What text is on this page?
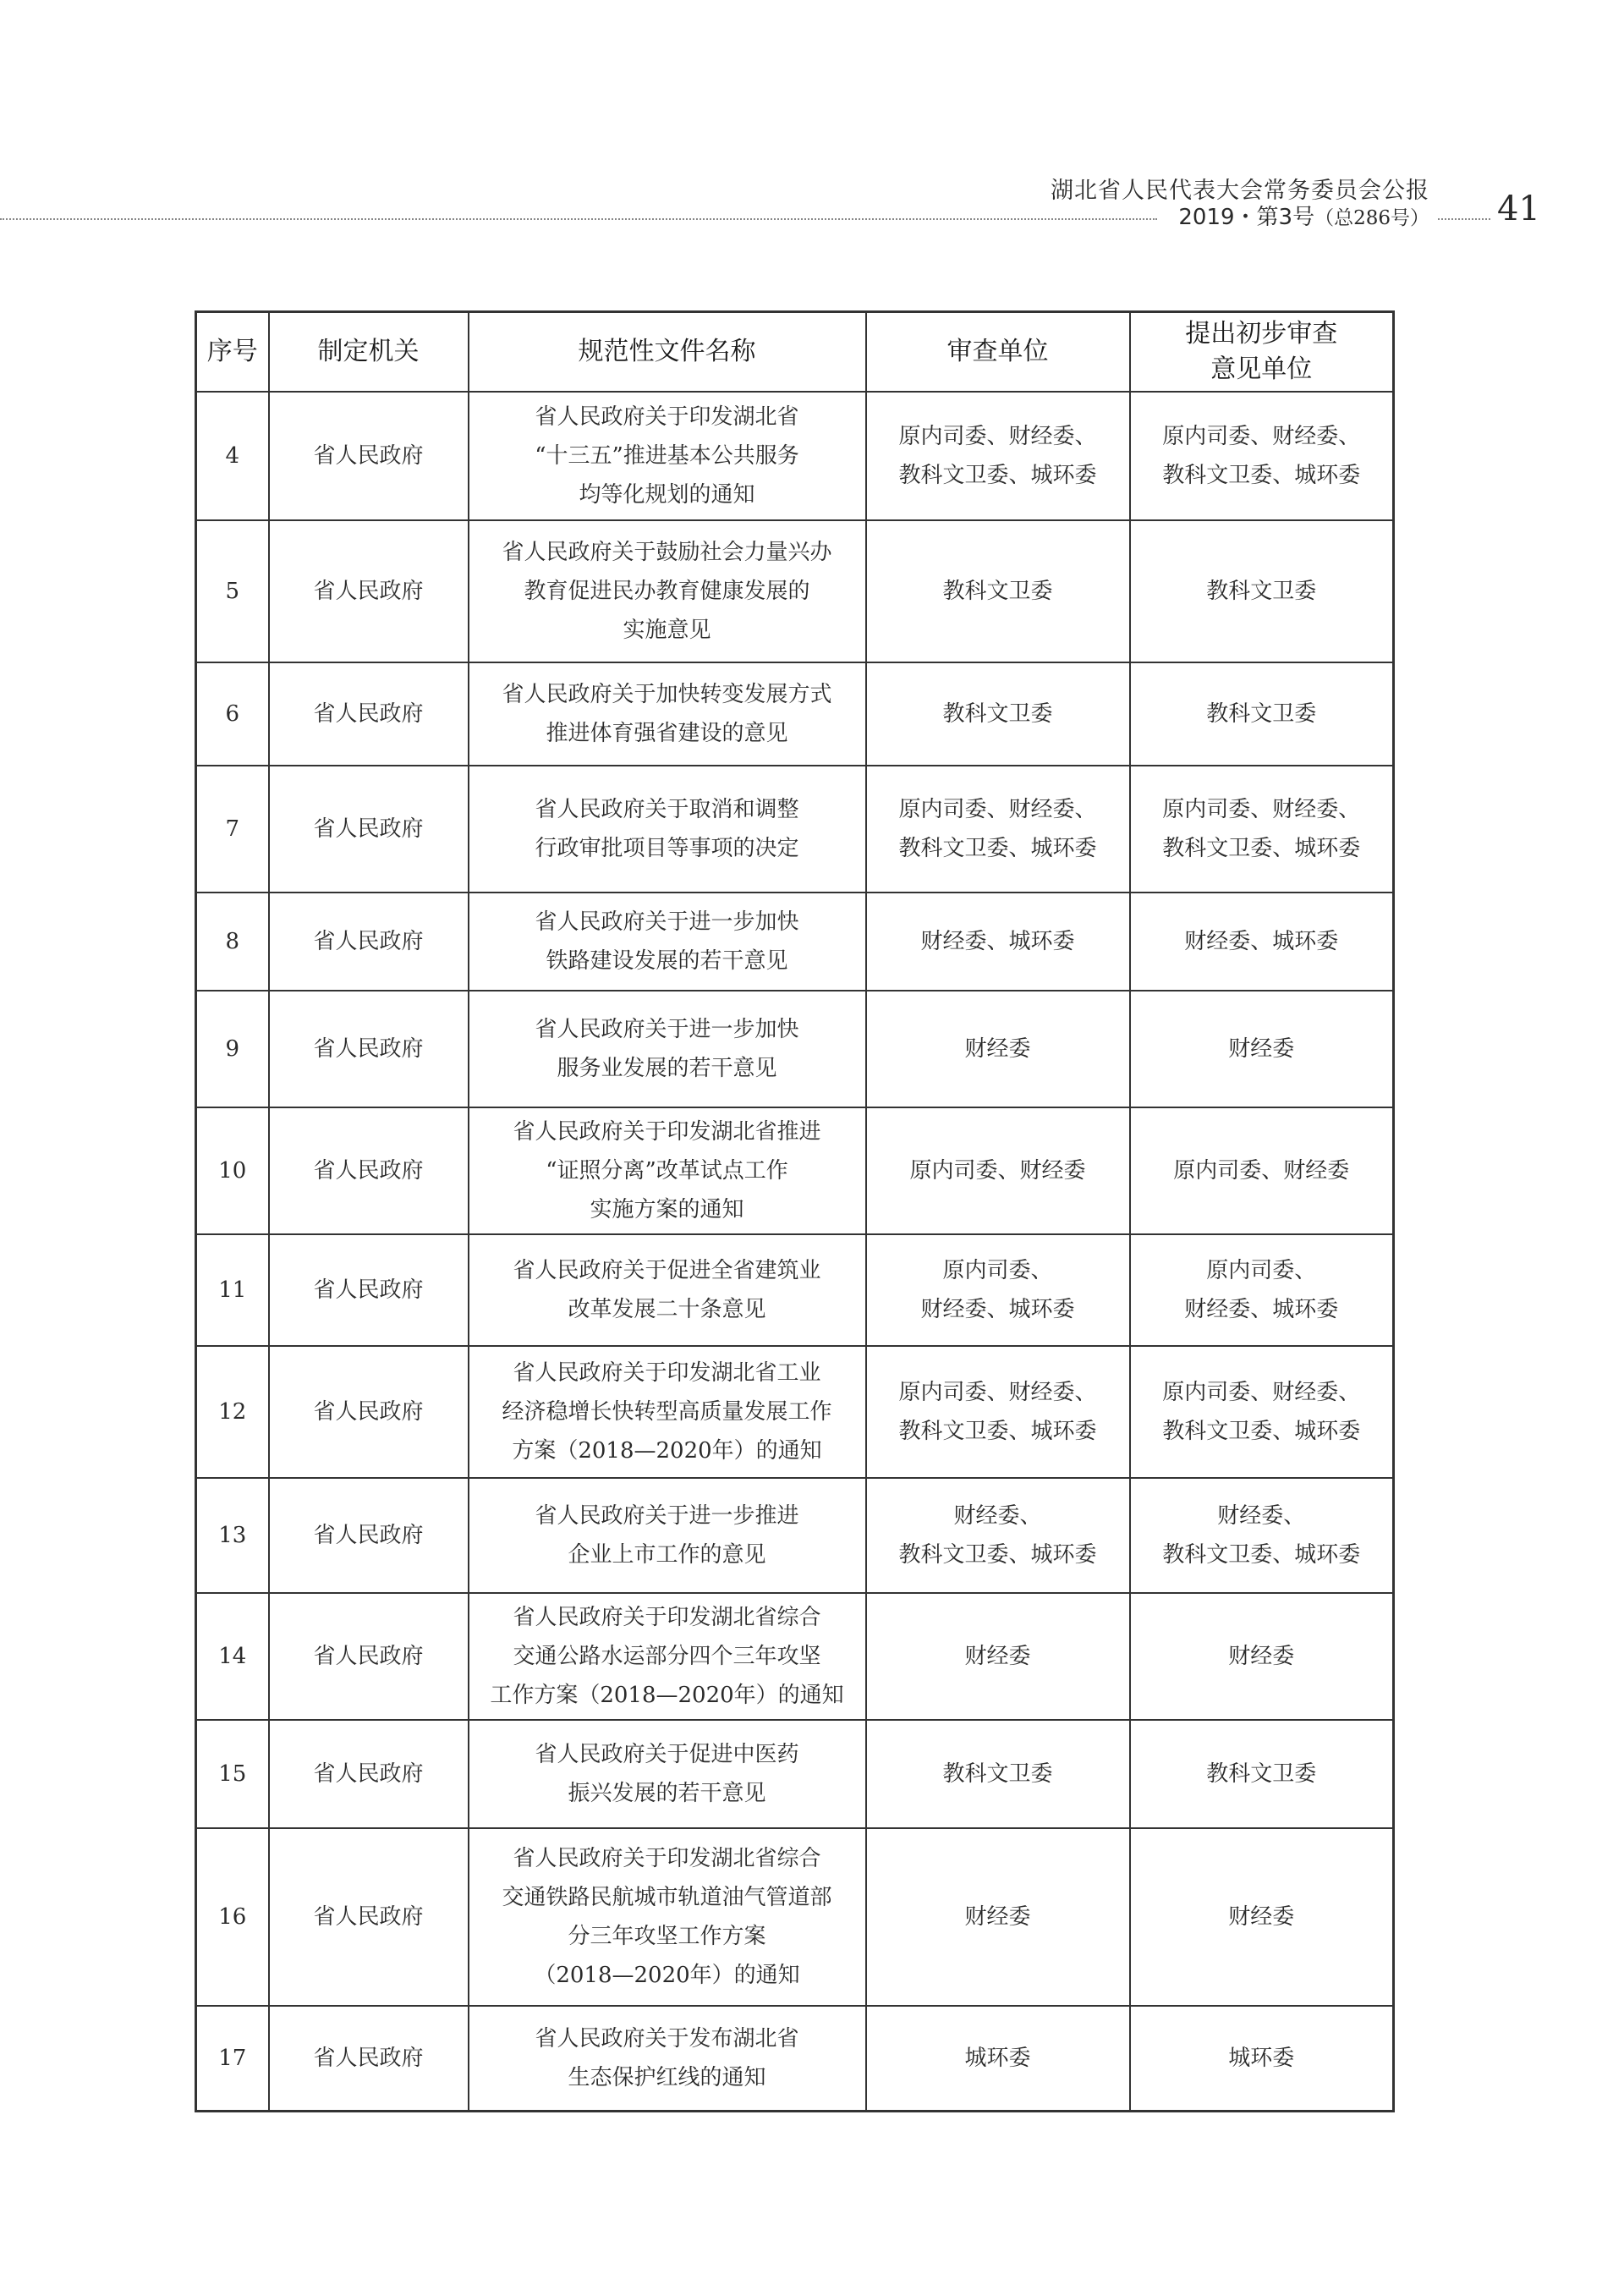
湖北省人民代表大会常务委员会公报
2019・第3号（总286号） 41
序号	制定机关	规范性文件名称	审查单位	提出初步审查
意见单位

4	省人民政府	省人民政府关于印发湖北省
“十三五”推进基本公共服务
均等化规划的通知	原内司委、财经委、
教科文卫委、城环委	原内司委、财经委、
教科文卫委、城环委

5	省人民政府	省人民政府关于鼓励社会力量兴办
教育促进民办教育健康发展的
实施意见	教科文卫委	教科文卫委

6	省人民政府	省人民政府关于加快转变发展方式
推进体育强省建设的意见	教科文卫委	教科文卫委

7	省人民政府	省人民政府关于取消和调整
行政审批项目等事项的决定	原内司委、财经委、
教科文卫委、城环委	原内司委、财经委、
教科文卫委、城环委

8	省人民政府	省人民政府关于进一步加快
铁路建设发展的若干意见	财经委、城环委	财经委、城环委

9	省人民政府	省人民政府关于进一步加快
服务业发展的若干意见	财经委	财经委

10	省人民政府	省人民政府关于印发湖北省推进
“证照分离”改革试点工作
实施方案的通知	原内司委、财经委	原内司委、财经委

11	省人民政府	省人民政府关于促进全省建筑业
改革发展二十条意见	原内司委、
财经委、城环委	原内司委、
财经委、城环委

12	省人民政府	省人民政府关于印发湖北省工业
经济稳增长快转型高质量发展工作
方案（2018—2020年）的通知	原内司委、财经委、
教科文卫委、城环委	原内司委、财经委、
教科文卫委、城环委

13	省人民政府	省人民政府关于进一步推进
企业上市工作的意见	财经委、
教科文卫委、城环委	财经委、
教科文卫委、城环委

14	省人民政府	省人民政府关于印发湖北省综合
交通公路水运部分四个三年攻坚
工作方案（2018—2020年）的通知	财经委	财经委

15	省人民政府	省人民政府关于促进中医药
振兴发展的若干意见	教科文卫委	教科文卫委

16	省人民政府	省人民政府关于印发湖北省综合
交通铁路民航城市轨道油气管道部
分三年攻坚工作方案
（2018—2020年）的通知	财经委	财经委

17	省人民政府	省人民政府关于发布湖北省
生态保护红线的通知	城环委	城环委
